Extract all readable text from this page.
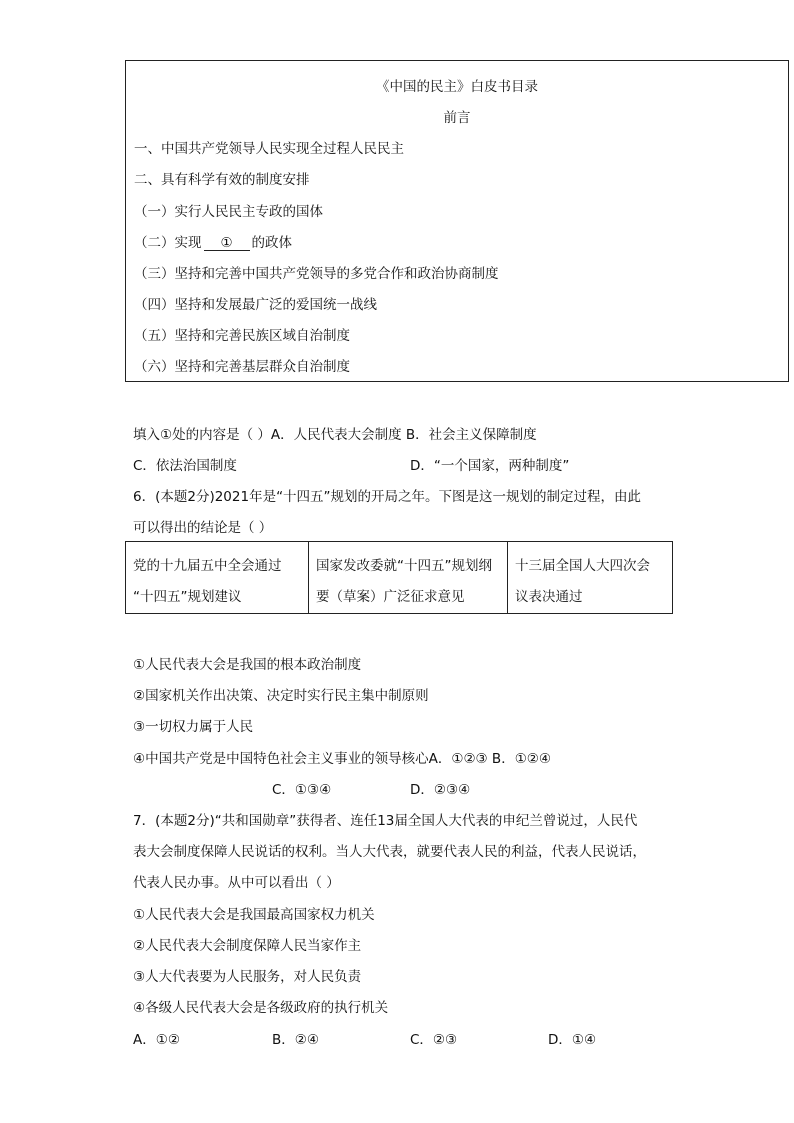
《中国的民主》白皮书目录
前言
一、中国共产党领导人民实现全过程人民民主
二、具有科学有效的制度安排
（一）实行人民民主专政的国体
（二）实现 ① 的政体
（三）坚持和完善中国共产党领导的多党合作和政治协商制度
（四）坚持和发展最广泛的爱国统一战线
（五）坚持和完善民族区域自治制度
（六）坚持和完善基层群众自治制度
填入①处的内容是（ ）A．人民代表大会制度 B．社会主义保障制度
C．依法治国制度	D．“一个国家，两种制度”
6．(本题2分)2021年是“十四五”规划的开局之年。下图是这一规划的制定过程，由此
可以得出的结论是（ ）
党的十九届五中全会通过
“十四五”规划建议

国家发改委就“十四五”规划纲
要（草案）广泛征求意见

十三届全国人大四次会
议表决通过
①人民代表大会是我国的根本政治制度
②国家机关作出决策、决定时实行民主集中制原则
③一切权力属于人民
④中国共产党是中国特色社会主义事业的领导核心A．①②③ B．①②④
C．①③④	D．②③④
7．(本题2分)“共和国勋章”获得者、连任13届全国人大代表的申纪兰曾说过，人民代
表大会制度保障人民说话的权利。当人大代表，就要代表人民的利益，代表人民说话，
代表人民办事。从中可以看出（ ）
①人民代表大会是我国最高国家权力机关
②人民代表大会制度保障人民当家作主
③人大代表要为人民服务，对人民负责
④各级人民代表大会是各级政府的执行机关
A．①②	B．②④	C．②③	D．①④
